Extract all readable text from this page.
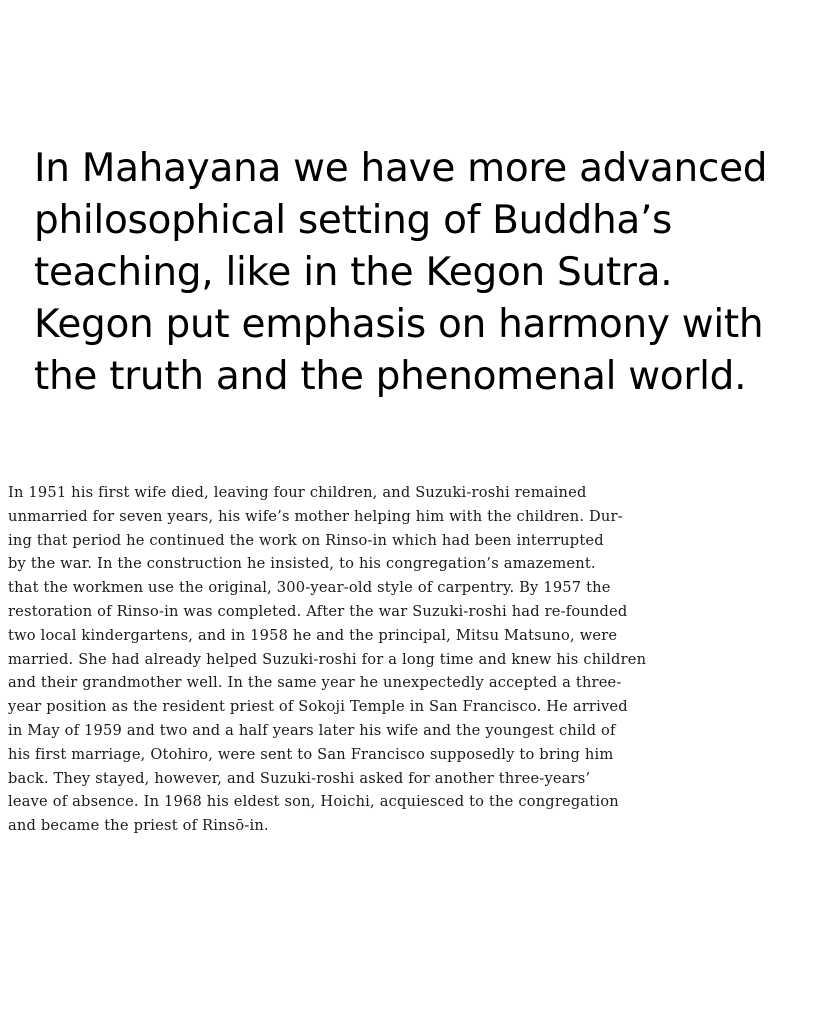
In Mahayana we have more advanced
philosophical setting of Buddha’s
teaching, like in the Kegon Sutra.
Kegon put emphasis on harmony with
the truth and the phenomenal world.
In 1951 his first wife died, leaving four children, and Suzuki-roshi remained
unmarried for seven years, his wife’s mother helping him with the children. Dur-
ing that period he continued the work on Rinso-in which had been interrupted
by the war. In the construction he insisted, to his congregation’s amazement.
that the workmen use the original, 300-year-old style of carpentry. By 1957 the
restoration of Rinso-in was completed. After the war Suzuki-roshi had re-founded
two local kindergartens, and in 1958 he and the principal, Mitsu Matsuno, were
married. She had already helped Suzuki-roshi for a long time and knew his children
and their grandmother well. In the same year he unexpectedly accepted a three-
year position as the resident priest of Sokoji Temple in San Francisco. He arrived
in May of 1959 and two and a half years later his wife and the youngest child of
his first marriage, Otohiro, were sent to San Francisco supposedly to bring him
back. They stayed, however, and Suzuki-roshi asked for another three-years’
leave of absence. In 1968 his eldest son, Hoichi, acquiesced to the congregation
and became the priest of Rinsō-in.
